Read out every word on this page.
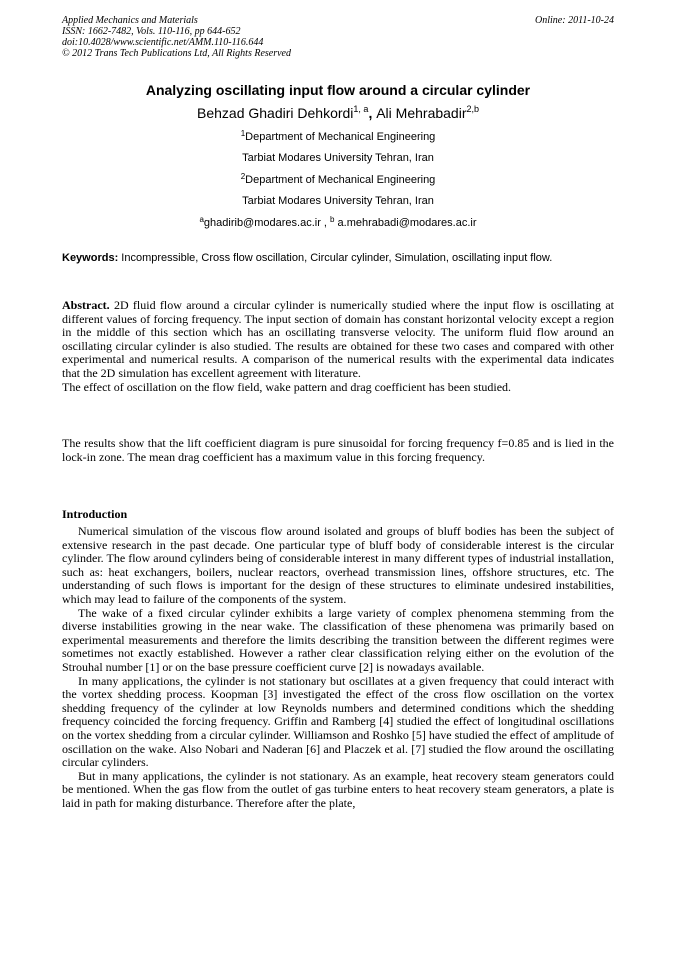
Applied Mechanics and Materials
ISSN: 1662-7482, Vols. 110-116, pp 644-652
doi:10.4028/www.scientific.net/AMM.110-116.644
© 2012 Trans Tech Publications Ltd, All Rights Reserved
Online: 2011-10-24
Analyzing oscillating input flow around a circular cylinder
Behzad Ghadiri Dehkordi$^{1, a}$, Ali Mehrabadir$^{2,b}$
$^1$Department of Mechanical Engineering
Tarbiat Modares University Tehran, Iran
$^2$Department of Mechanical Engineering
Tarbiat Modares University Tehran, Iran
$^a$ghadirib@modares.ac.ir , $^b$ a.mehrabadi@modares.ac.ir
Keywords: Incompressible, Cross flow oscillation, Circular cylinder, Simulation, oscillating input flow.
Abstract. 2D fluid flow around a circular cylinder is numerically studied where the input flow is oscillating at different values of forcing frequency. The input section of domain has constant horizontal velocity except a region in the middle of this section which has an oscillating transverse velocity. The uniform fluid flow around an oscillating circular cylinder is also studied. The results are obtained for these two cases and compared with other experimental and numerical results. A comparison of the numerical results with the experimental data indicates that the 2D simulation has excellent agreement with literature.
The effect of oscillation on the flow field, wake pattern and drag coefficient has been studied.
The results show that the lift coefficient diagram is pure sinusoidal for forcing frequency f=0.85 and is lied in the lock-in zone. The mean drag coefficient has a maximum value in this forcing frequency.
Introduction

Numerical simulation of the viscous flow around isolated and groups of bluff bodies has been the subject of extensive research in the past decade. One particular type of bluff body of considerable interest is the circular cylinder. The flow around cylinders being of considerable interest in many different types of industrial installation, such as: heat exchangers, boilers, nuclear reactors, overhead transmission lines, offshore structures, etc. The understanding of such flows is important for the design of these structures to eliminate undesired instabilities, which may lead to failure of the components of the system.

The wake of a fixed circular cylinder exhibits a large variety of complex phenomena stemming from the diverse instabilities growing in the near wake. The classification of these phenomena was primarily based on experimental measurements and therefore the limits describing the transition between the different regimes were sometimes not exactly established. However a rather clear classification relying either on the evolution of the Strouhal number [1] or on the base pressure coefficient curve [2] is nowadays available.

In many applications, the cylinder is not stationary but oscillates at a given frequency that could interact with the vortex shedding process. Koopman [3] investigated the effect of the cross flow oscillation on the vortex shedding frequency of the cylinder at low Reynolds numbers and determined conditions which the shedding frequency coincided the forcing frequency. Griffin and Ramberg [4] studied the effect of longitudinal oscillations on the vortex shedding from a circular cylinder. Williamson and Roshko [5] have studied the effect of amplitude of oscillation on the wake. Also Nobari and Naderan [6] and Placzek et al. [7] studied the flow around the oscillating circular cylinders.

But in many applications, the cylinder is not stationary. As an example, heat recovery steam generators could be mentioned. When the gas flow from the outlet of gas turbine enters to heat recovery steam generators, a plate is laid in path for making disturbance. Therefore after the plate,
